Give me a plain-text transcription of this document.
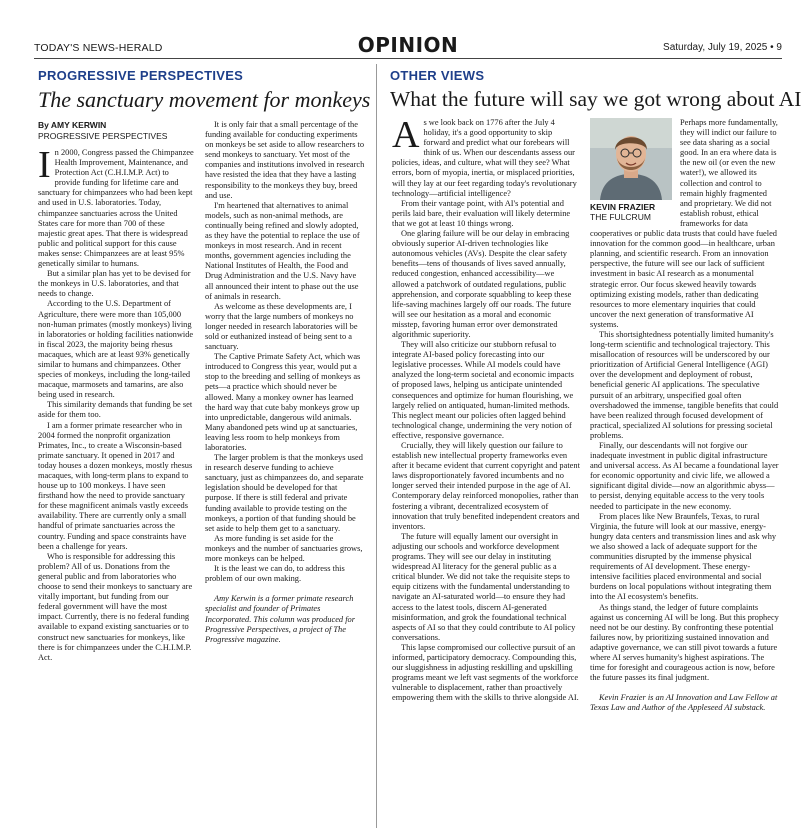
TODAY'S NEWS-HERALD	OPINION	Saturday, July 19, 2025 • 9
PROGRESSIVE PERSPECTIVES
The sanctuary movement for monkeys
By AMY KERWIN
PROGRESSIVE PERSPECTIVES

In 2000, Congress passed the Chimpanzee Health Improvement, Maintenance, and Protection Act (C.H.I.M.P. Act) to provide funding for lifetime care and sanctuary for chimpanzees who had been kept and used in U.S. laboratories. Today, chimpanzee sanctuaries across the United States care for more than 700 of these majestic great apes. That there is widespread public and political support for this cause makes sense: Chimpanzees are at least 95% genetically similar to humans.

But a similar plan has yet to be devised for the monkeys in U.S. laboratories, and that needs to change.

According to the U.S. Department of Agriculture, there were more than 105,000 non-human primates (mostly monkeys) living in laboratories or holding facilities nationwide in fiscal 2023, the majority being rhesus macaques, which are at least 93% genetically similar to humans and chimpanzees. Other species of monkeys, including the long-tailed macaque, marmosets and tamarins, are also being used in research.

This similarity demands that funding be set aside for them too.

I am a former primate researcher who in 2004 formed the nonprofit organization Primates, Inc., to create a Wisconsin-based primate sanctuary. It opened in 2017 and today houses a dozen monkeys, mostly rhesus macaques, with long-term plans to expand to house up to 100 monkeys. I have seen firsthand how the need to provide sanctuary for these magnificent animals vastly exceeds availability. There are currently only a small handful of primate sanctuaries across the country. Funding and space constraints have been a challenge for years.

Who is responsible for addressing this problem? All of us. Donations from the general public and from laboratories who choose to send their monkeys to sanctuary are vitally important, but funding from our federal government will have the most impact. Currently, there is no federal funding available to expand existing sanctuaries or to construct new sanctuaries for monkeys, like there is for chimpanzees under the C.H.I.M.P. Act.

It is only fair that a small percentage of the funding available for conducting experiments on monkeys be set aside to allow researchers to send monkeys to sanctuary. Yet most of the companies and institutions involved in research have resisted the idea that they have a lasting responsibility to the monkeys they buy, breed and use.

I'm heartened that alternatives to animal models, such as non-animal methods, are continually being refined and slowly adopted, as they have the potential to replace the use of monkeys in most research. And in recent months, government agencies including the National Institutes of Health, the Food and Drug Administration and the U.S. Navy have all announced their intent to phase out the use of animals in research.

As welcome as these developments are, I worry that the large numbers of monkeys no longer needed in research laboratories will be sold or euthanized instead of being sent to a sanctuary.

The Captive Primate Safety Act, which was introduced to Congress this year, would put a stop to the breeding and selling of monkeys as pets—a practice which should never be allowed. Many a monkey owner has learned the hard way that cute baby monkeys grow up into unpredictable, dangerous wild animals. Many abandoned pets wind up at sanctuaries, leaving less room to help monkeys from laboratories.

The larger problem is that the monkeys used in research deserve funding to achieve sanctuary, just as chimpanzees do, and separate legislation should be developed for that purpose. If there is still federal and private funding available to provide testing on the monkeys, a portion of that funding should be set aside to help them get to a sanctuary.

As more funding is set aside for the monkeys and the number of sanctuaries grows, more monkeys can be helped.

It is the least we can do, to address this problem of our own making.

Amy Kerwin is a former primate research specialist and founder of Primates Incorporated. This column was produced for Progressive Perspectives, a project of The Progressive magazine.

OTHER VIEWS
What the future will say we got wrong about AI

As we look back on 1776 after the July 4 holiday, it's a good opportunity to skip forward and predict what our forebears will think of us. When our descendants assess our policies, ideas, and culture, what will they see? What errors, born of myopia, inertia, or misplaced priorities, will they lay at our feet regarding today's revolutionary technology—artificial intelligence?

From their vantage point, with AI's potential and perils laid bare, their evaluation will likely determine that we got at least 10 things wrong.

One glaring failure will be our delay in embracing obviously superior AI-driven technologies like autonomous vehicles (AVs). Despite the clear safety benefits—tens of thousands of lives saved annually, reduced congestion, enhanced accessibility—we allowed a patchwork of outdated regulations, public apprehension, and corporate squabbling to keep these life-saving machines largely off our roads. The future will see our hesitation as a moral and economic misstep, favoring human error over demonstrated algorithmic superiority.

They will also criticize our stubborn refusal to integrate AI-based policy forecasting into our legislative processes. While AI models could have analyzed the long-term societal and economic impacts of proposed laws, helping us anticipate unintended consequences and optimize for human flourishing, we largely relied on antiquated, human-limited methods. This neglect meant our policies often lagged behind technological change, undermining the very notion of effective, responsive governance.

Crucially, they will likely question our failure to establish new intellectual property frameworks even after it became evident that current copyright and patent laws disproportionately favored incumbents and no longer served their intended purpose in the age of AI. Contemporary delay reinforced monopolies, rather than fostering a vibrant, decentralized ecosystem of innovation that truly benefited independent creators and inventors.

The future will equally lament our oversight in adjusting our schools and workforce development programs. They will see our delay in instituting widespread AI literacy for the general public as a critical blunder. We did not take the requisite steps to equip citizens with the fundamental understanding to navigate an AI-saturated world—to ensure they had access to the latest tools, discern AI-generated misinformation, and grok the foundational technical aspects of AI so that they could contribute to AI policy conversations.

This lapse compromised our collective pursuit of an informed, participatory democracy. Compounding this, our sluggishness in adjusting reskilling and upskilling programs meant we left vast segments of the workforce vulnerable to displacement, rather than proactively empowering them with the skills to thrive alongside AI.

KEVIN FRAZIER
THE FULCRUM

Perhaps more fundamentally, they will indict our failure to see data sharing as a social good. In an era where data is the new oil (or even the new water!), we allowed its collection and control to remain highly fragmented and proprietary. We did not establish robust, ethical frameworks for data cooperatives or public data trusts that could have fueled innovation for the common good—in healthcare, urban planning, and scientific research. From an innovation perspective, the future will see our lack of sufficient investment in basic AI research as a monumental strategic error. Our focus skewed heavily towards optimizing existing models, rather than dedicating resources to more elementary inquiries that could uncover the next generation of transformative AI systems.

This shortsightedness potentially limited humanity's long-term scientific and technological trajectory. This misallocation of resources will be underscored by our prioritization of Artificial General Intelligence (AGI) over the development and deployment of robust, beneficial generic AI applications. The speculative pursuit of an arbitrary, unspecified goal often overshadowed the immense, tangible benefits that could have been realized through focused development of practical, specialized AI solutions for pressing societal problems.

Finally, our descendants will not forgive our inadequate investment in public digital infrastructure and universal access. As AI became a foundational layer for economic opportunity and civic life, we allowed a significant digital divide—now an algorithmic abyss—to persist, denying equitable access to the very tools needed to participate in the new economy.

From places like New Braunfels, Texas, to rural Virginia, the future will look at our massive, energy-hungry data centers and transmission lines and ask why we also showed a lack of adequate support for the communities disrupted by the immense physical requirements of AI development. These energy-intensive facilities placed environmental and social burdens on local populations without integrating them into the AI ecosystem's benefits.

As things stand, the ledger of future complaints against us concerning AI will be long. But this prophecy need not be our destiny. By confronting these potential failures now, by prioritizing sustained innovation and adaptive governance, we can still pivot towards a future where AI serves humanity's highest aspirations. The time for foresight and courageous action is now, before the future passes its final judgment.

Kevin Frazier is an AI Innovation and Law Fellow at Texas Law and Author of the Appleseed AI substack.
